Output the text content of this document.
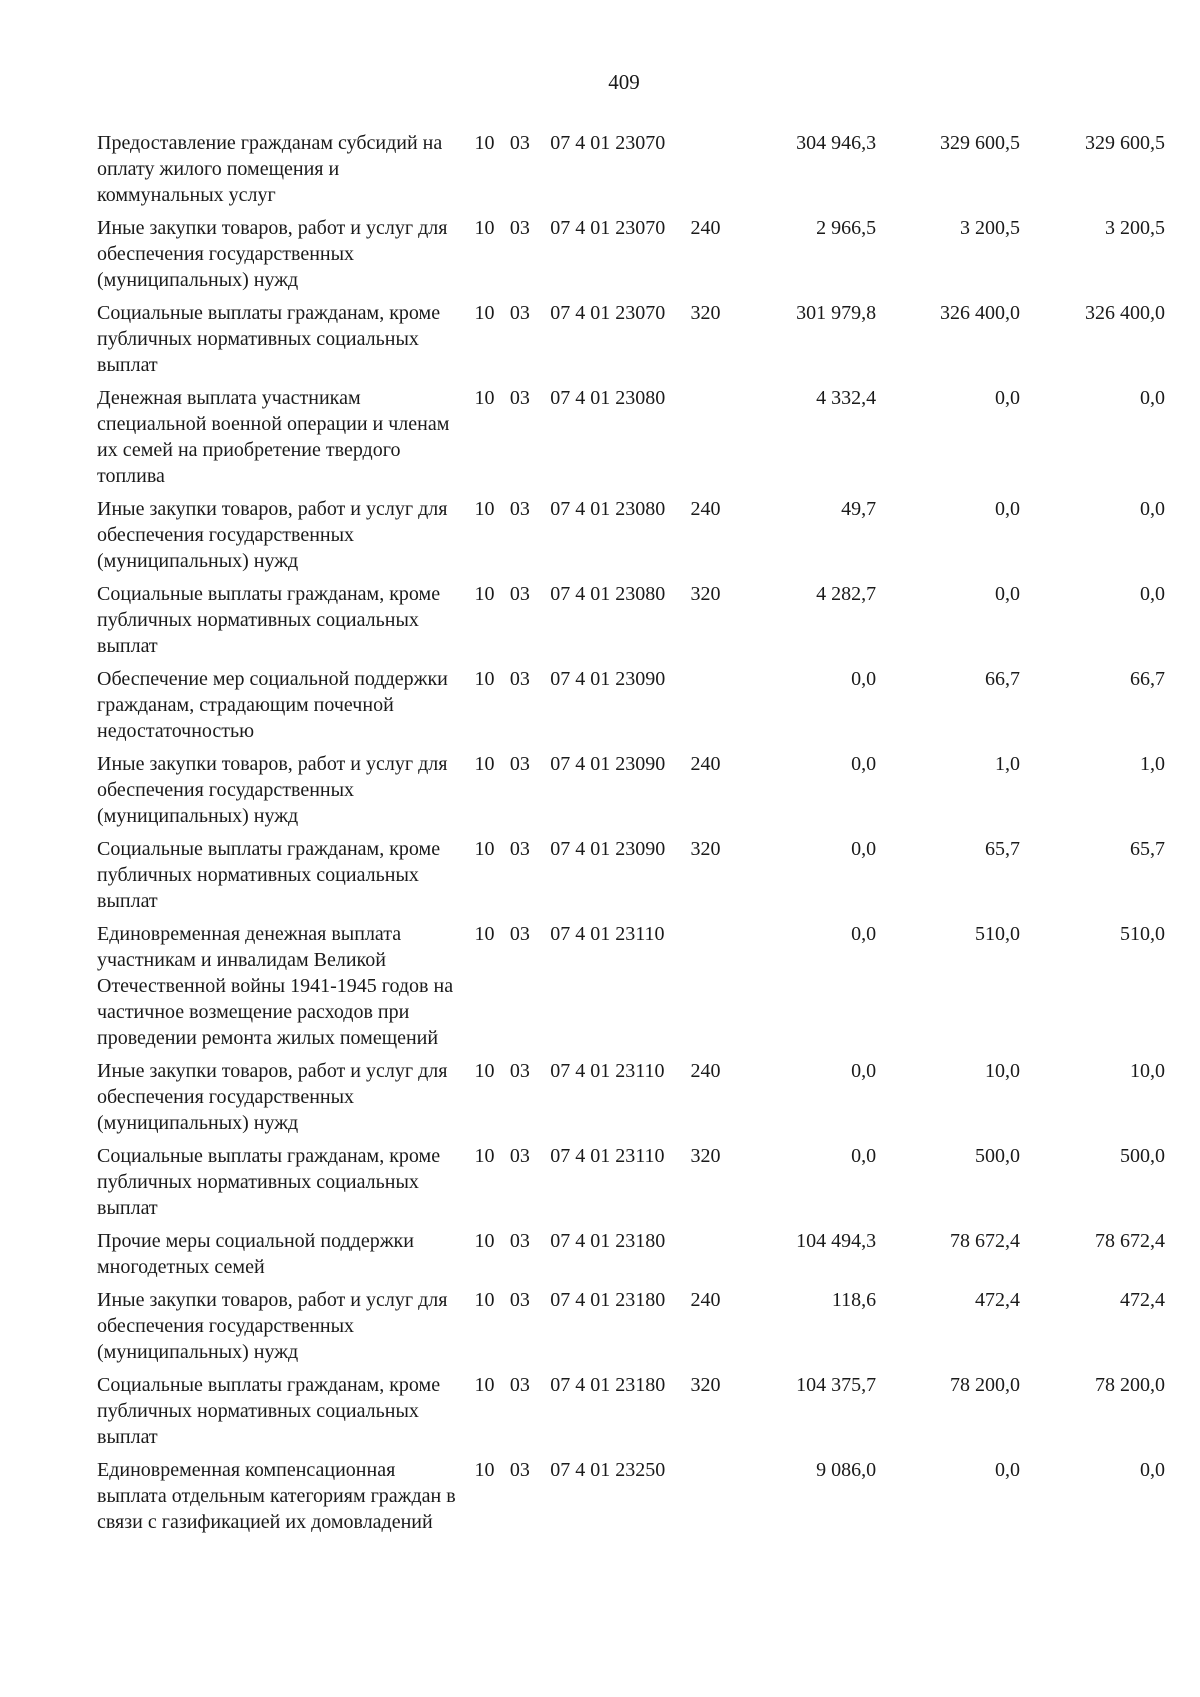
409
Предоставление гражданам субсидий на оплату жилого помещения и коммунальных услуг	10	03	07 4 01 23070		304 946,3	329 600,5	329 600,5
Иные закупки товаров, работ и услуг для обеспечения государственных (муниципальных) нужд	10	03	07 4 01 23070	240	2 966,5	3 200,5	3 200,5
Социальные выплаты гражданам, кроме публичных нормативных социальных выплат	10	03	07 4 01 23070	320	301 979,8	326 400,0	326 400,0
Денежная выплата участникам специальной военной операции и членам их семей на приобретение твердого топлива	10	03	07 4 01 23080		4 332,4	0,0	0,0
Иные закупки товаров, работ и услуг для обеспечения государственных (муниципальных) нужд	10	03	07 4 01 23080	240	49,7	0,0	0,0
Социальные выплаты гражданам, кроме публичных нормативных социальных выплат	10	03	07 4 01 23080	320	4 282,7	0,0	0,0
Обеспечение мер социальной поддержки гражданам, страдающим почечной недостаточностью	10	03	07 4 01 23090		0,0	66,7	66,7
Иные закупки товаров, работ и услуг для обеспечения государственных (муниципальных) нужд	10	03	07 4 01 23090	240	0,0	1,0	1,0
Социальные выплаты гражданам, кроме публичных нормативных социальных выплат	10	03	07 4 01 23090	320	0,0	65,7	65,7
Единовременная денежная выплата участникам и инвалидам Великой Отечественной войны 1941-1945 годов на частичное возмещение расходов при проведении ремонта жилых помещений	10	03	07 4 01 23110		0,0	510,0	510,0
Иные закупки товаров, работ и услуг для обеспечения государственных (муниципальных) нужд	10	03	07 4 01 23110	240	0,0	10,0	10,0
Социальные выплаты гражданам, кроме публичных нормативных социальных выплат	10	03	07 4 01 23110	320	0,0	500,0	500,0
Прочие меры социальной поддержки многодетных семей	10	03	07 4 01 23180		104 494,3	78 672,4	78 672,4
Иные закупки товаров, работ и услуг для обеспечения государственных (муниципальных) нужд	10	03	07 4 01 23180	240	118,6	472,4	472,4
Социальные выплаты гражданам, кроме публичных нормативных социальных выплат	10	03	07 4 01 23180	320	104 375,7	78 200,0	78 200,0
Единовременная компенсационная выплата отдельным категориям граждан в связи с газификацией их домовладений	10	03	07 4 01 23250		9 086,0	0,0	0,0
